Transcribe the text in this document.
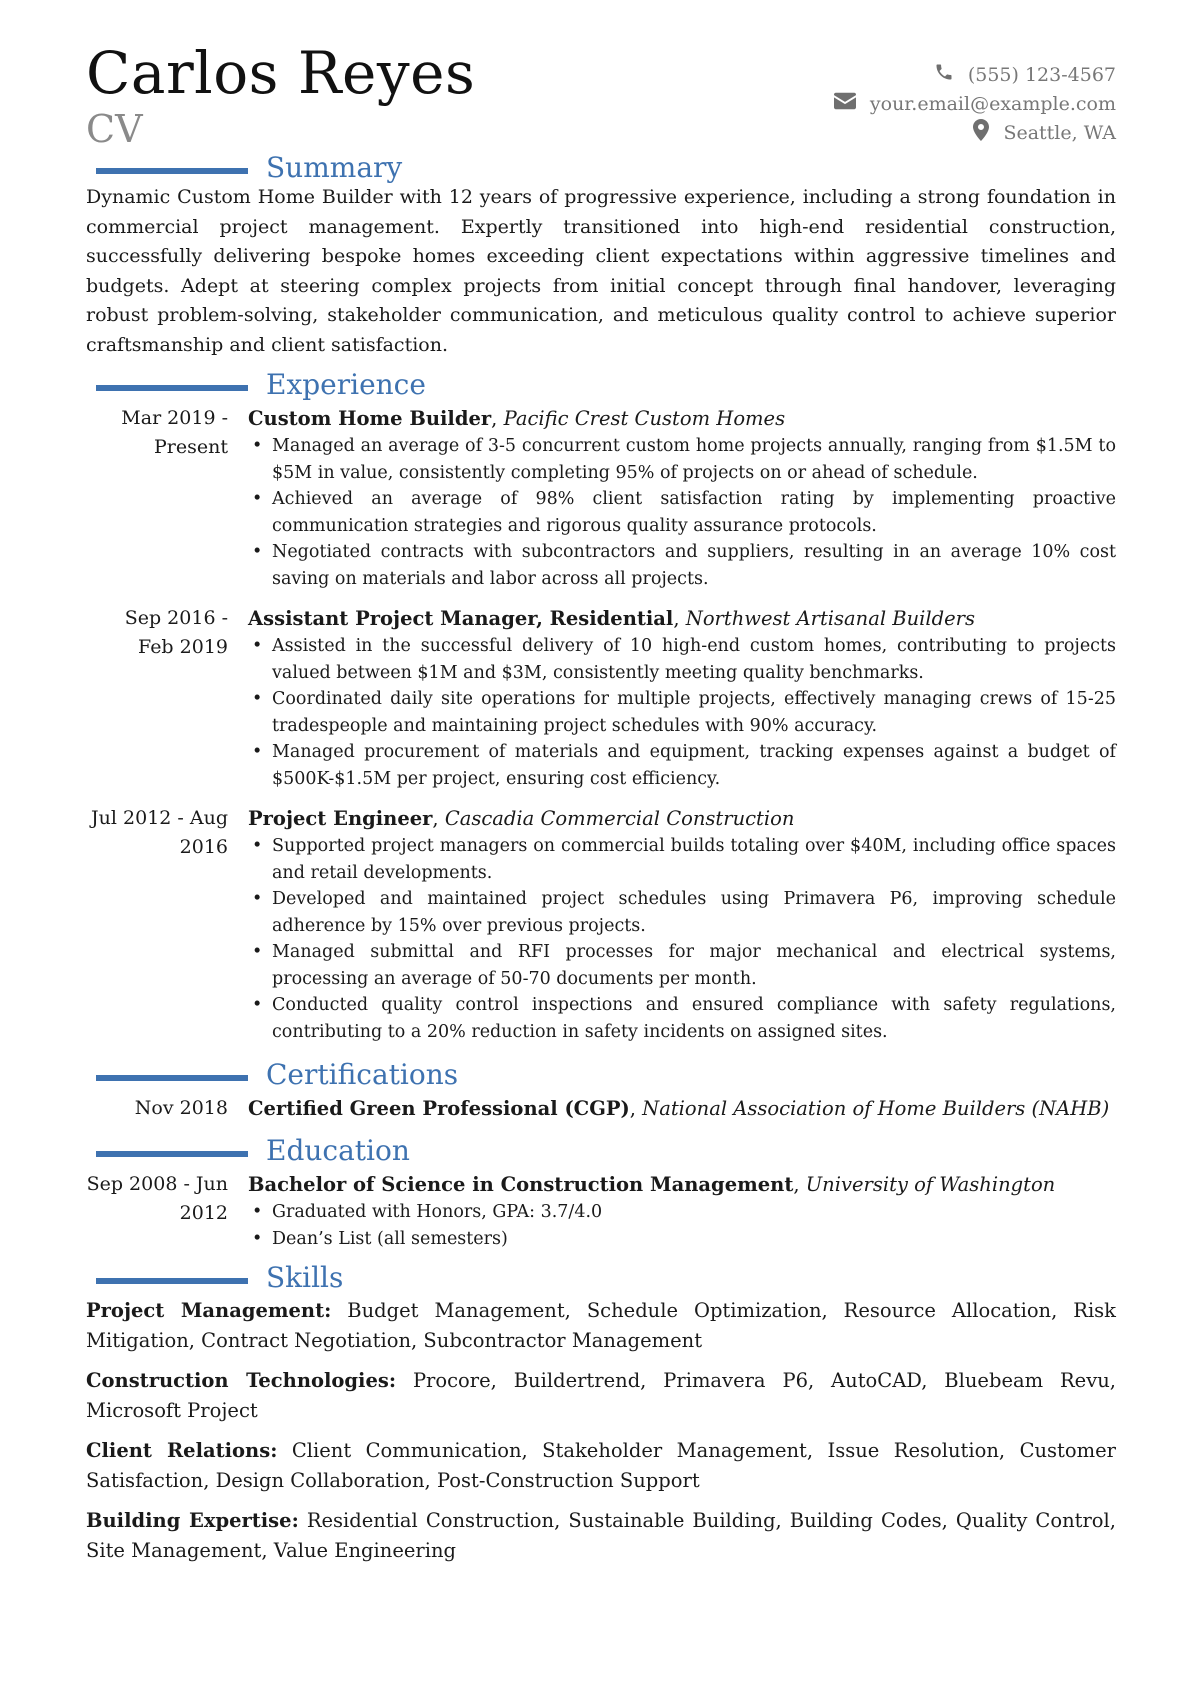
Carlos Reyes
CV
(555) 123-4567
your.email@example.com
Seattle, WA
Summary

Dynamic Custom Home Builder with 12 years of progressive experience, including a strong foundation in commercial project management. Expertly transitioned into high-end residential construction, successfully delivering bespoke homes exceeding client expectations within aggressive timelines and budgets. Adept at steering complex projects from initial concept through final handover, leveraging robust problem-solving, stakeholder communication, and meticulous quality control to achieve superior craftsmanship and client satisfaction.

Experience
Mar 2019 - Present
Custom Home Builder, Pacific Crest Custom Homes
• Managed an average of 3-5 concurrent custom home projects annually, ranging from $1.5M to $5M in value, consistently completing 95% of projects on or ahead of schedule.
• Achieved an average of 98% client satisfaction rating by implementing proactive communication strategies and rigorous quality assurance protocols.
• Negotiated contracts with subcontractors and suppliers, resulting in an average 10% cost saving on materials and labor across all projects.
Sep 2016 - Feb 2019
Assistant Project Manager, Residential, Northwest Artisanal Builders
• Assisted in the successful delivery of 10 high-end custom homes, contributing to projects valued between $1M and $3M, consistently meeting quality benchmarks.
• Coordinated daily site operations for multiple projects, effectively managing crews of 15-25 tradespeople and maintaining project schedules with 90% accuracy.
• Managed procurement of materials and equipment, tracking expenses against a budget of $500K-$1.5M per project, ensuring cost efficiency.
Jul 2012 - Aug 2016
Project Engineer, Cascadia Commercial Construction
• Supported project managers on commercial builds totaling over $40M, including office spaces and retail developments.
• Developed and maintained project schedules using Primavera P6, improving schedule adherence by 15% over previous projects.
• Managed submittal and RFI processes for major mechanical and electrical systems, processing an average of 50-70 documents per month.
• Conducted quality control inspections and ensured compliance with safety regulations, contributing to a 20% reduction in safety incidents on assigned sites.
Certifications
Nov 2018	Certified Green Professional (CGP), National Association of Home Builders (NAHB)
Education
Sep 2008 - Jun 2012
Bachelor of Science in Construction Management, University of Washington
• Graduated with Honors, GPA: 3.7/4.0
• Dean’s List (all semesters)
Skills

Project Management: Budget Management, Schedule Optimization, Resource Allocation, Risk Mitigation, Contract Negotiation, Subcontractor Management

Construction Technologies: Procore, Buildertrend, Primavera P6, AutoCAD, Bluebeam Revu, Microsoft Project

Client Relations: Client Communication, Stakeholder Management, Issue Resolution, Customer Satisfaction, Design Collaboration, Post-Construction Support

Building Expertise: Residential Construction, Sustainable Building, Building Codes, Quality Control, Site Management, Value Engineering
